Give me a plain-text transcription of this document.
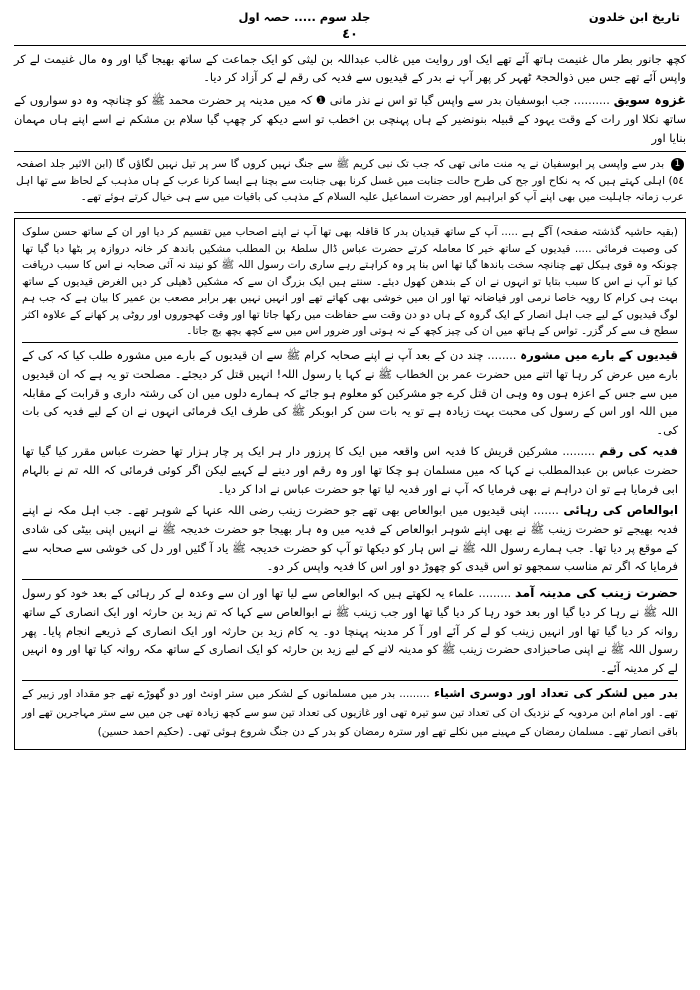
تاریخ ابن خلدون
جلد سوم ..... حصہ اول
٤٠

کچھ جانور بطر مال غنیمت ہاتھ آئے تھے ایک اور روایت میں غالب عبداللہ بن لیثی کو ایک جماعت کے ساتھ بھیجا گیا اور وہ مال غنیمت لے کر واپس آئے تھے جس میں ذوالحجۃ ٹھہر کر پھر آپ نے بدر کے قیدیوں سے فدیہ کی رقم لے کر آزاد کر دیا۔

غزوہ سویق .......... جب ابوسفیان بدر سے واپس گیا تو اس نے نذر مانی ❶ کہ میں مدینہ پر حضرت محمد ﷺ کو چنانچہ وہ دو سواروں کے ساتھ نکلا اور رات کے وقت یہود کے قبیلہ بنونضیر کے ہاں پہنچی بن اخطب تو اسے دیکھ کر چھپ گیا سلام بن مشکم نے اسے اپنے ہاں مہمان بنایا اور

1 بدر سے واپسی پر ابوسفیان نے یہ منت مانی تھی کہ جب تک نبی کریم ﷺ سے جنگ نہیں کروں گا سر پر تیل نہیں لگاؤں گا (ابن الاثیر جلد اصفحہ ٥٤) اہلی کہتے ہیں کہ یہ نکاح اور جح کی طرح حالت جنابت میں غسل کرنا بھی جنابت سے بچنا ہے ایسا کرنا عرب کے ہاں مذہب کے لحاظ سے تھا اہل عرب زمانہ جاہلیت میں بھی اپنے آپ کو ابراہیم اور حضرت اسماعیل علیہ السلام کے مذہب کی باقیات میں سے ہی خیال کرتے ہوئے تھے۔

(بقیہ حاشیہ گذشتہ صفحہ) آگے ہے ..... آپ کے ساتھ قیدیان بدر کا قافلہ بھی تھا آپ نے اپنے اصحاب میں تقسیم کر دیا اور ان کے ساتھ حسن سلوک کی وصیت فرمائی ..... قیدیوں کے ساتھ خیر کا معاملہ کرتے حضرت عباس ڈال سلطۂ بن المطلب مشکیں باندھ کر خانہ دروازہ پر بٹھا دیا گیا تھا چونکہ وہ قوی ہیکل تھے چنانچہ سخت باندھا گیا تھا اس بنا پر وہ کراہتے رہے ساری رات رسول اللہ ﷺ کو نیند نہ آئی صحابہ نے اس کا سبب دریافت کیا تو آپ نے اس کا سبب بتایا تو انہوں نے ان کے بندھن کھول دیئے۔ سنتے ہیں ایک بزرگ ان سے کہ مشکیں ڈھیلی کر دیں الغرض قیدیوں کے ساتھ بہت ہی کرام کا رویہ خاصا نرمی اور فیاضانہ تھا اور ان میں خوشی بھی کھاتے تھے اور انہیں نہیں بھر برابر مصعب بن عمیر کا بیان ہے کہ جب ہم لوگ قیدیوں کے لیے جب اہل انصار کے ایک گروہ کے ہاں دو دن وقت سے حفاظت میں رکھا جاتا تھا اور وقت کھجوروں اور روٹی پر کھانے کے علاوہ اکثر سطح ف سے کر گزر۔ تواس کے ہاتھ میں ان کی چیز کچھ کے نہ ہوتی اور ضرور اس میں سے کچھ بچھ بچ جاتا۔

قیدیوں کے بارے میں مشورہ ........ چند دن کے بعد آپ نے اپنے صحابہ کرام ﷺ سے ان قیدیوں کے بارے میں مشورہ طلب کیا کہ کی کے بارے میں عرض کر رہا تھا اتنے میں حضرت عمر بن الخطاب ﷺ نے کہا یا رسول اللہ! انہیں قتل کر دیجئے۔ مصلحت تو یہ ہے کہ ان قیدیوں میں سے جس کے اعزہ ہوں وہ وہی ان قتل کرے جو مشرکین کو معلوم ہو جائے کہ ہمارے دلوں میں ان کی رشتہ داری و قرابت کے مقابلہ میں اللہ اور اس کے رسول کی محبت بہت زیادہ ہے تو یہ بات سن کر ابوبکر ﷺ کی طرف ایک فرمائی انہوں نے ان کے لیے فدیہ کی بات کی۔

فدیہ کی رقم ......... مشرکین قریش کا فدیہ اس واقعہ میں ایک کا پرزور دار ہر ایک پر چار ہزار تھا حضرت عباس مقرر کیا گیا تھا حضرت عباس بن عبدالمطلب نے کہا کہ میں مسلمان ہو چکا تھا اور وہ رقم اور دینے لے کہیے لیکن اگر کوئی فرمائی کہ اللہ تم نے بالہام ابی فرمایا ہے تو ان دراہم نے بھی فرمایا کہ آپ نے اور فدیہ لیا تھا جو حضرت عباس نے ادا کر دیا۔

ابوالعاص کی رہائی ....... اپنی قیدیوں میں ابوالعاص بھی تھے جو حضرت زینب رضی اللہ عنہا کے شوہر تھے۔ جب اہل مکہ نے اپنے فدیہ بھیجے تو حضرت زینب ﷺ نے بھی اپنے شوہر ابوالعاص کے فدیہ میں وہ ہار بھیجا جو حضرت خدیجہ ﷺ نے انہیں اپنی بیٹی کی شادی کے موقع پر دیا تھا۔ جب ہمارے رسول اللہ ﷺ نے اس ہار کو دیکھا تو آپ کو حضرت خدیجہ ﷺ یاد آ گئیں اور دل کی خوشی سے صحابہ سے فرمایا کہ اگر تم مناسب سمجھو تو اس قیدی کو چھوڑ دو اور اس کا فدیہ واپس کر دو۔

حضرت زینب کی مدینہ آمد ......... علماء یہ لکھتے ہیں کہ ابوالعاص سے لیا تھا اور ان سے وعدہ لے کر رہائی کے بعد خود کو رسول اللہ ﷺ نے رہا کر دیا گیا اور بعد خود رہا کر دیا گیا تھا اور جب زینب ﷺ نے ابوالعاص سے کہا کہ تم زید بن حارثہ اور ایک انصاری کے ساتھ روانہ کر دیا گیا تھا اور انہیں زینب کو لے کر آئے اور آ کر مدینہ پہنچا دو۔ یہ کام زید بن حارثہ اور ایک انصاری کے ذریعے انجام پایا۔ پھر رسول اللہ ﷺ نے اپنی صاحبزادی حضرت زینب ﷺ کو مدینہ لانے کے لیے زید بن حارثہ کو ایک انصاری کے ساتھ مکہ روانہ کیا تھا اور وہ انہیں لے کر مدینہ آئے۔

بدر میں لشکر کی تعداد اور دوسری اشیاء ......... بدر میں مسلمانوں کے لشکر میں ستر اونٹ اور دو گھوڑے تھے جو مقداد اور زبیر کے تھے۔ اور امام ابن مردویہ کے نزدیک ان کی تعداد تین سو تیرہ تھی اور غازیوں کی تعداد تین سو سے کچھ زیادہ تھی جن میں سے ستر مہاجرین تھے اور باقی انصار تھے۔ مسلمان رمضان کے مہینے میں نکلے تھے اور سترہ رمضان کو بدر کے دن جنگ شروع ہوئی تھی۔ (حکیم احمد حسین)
